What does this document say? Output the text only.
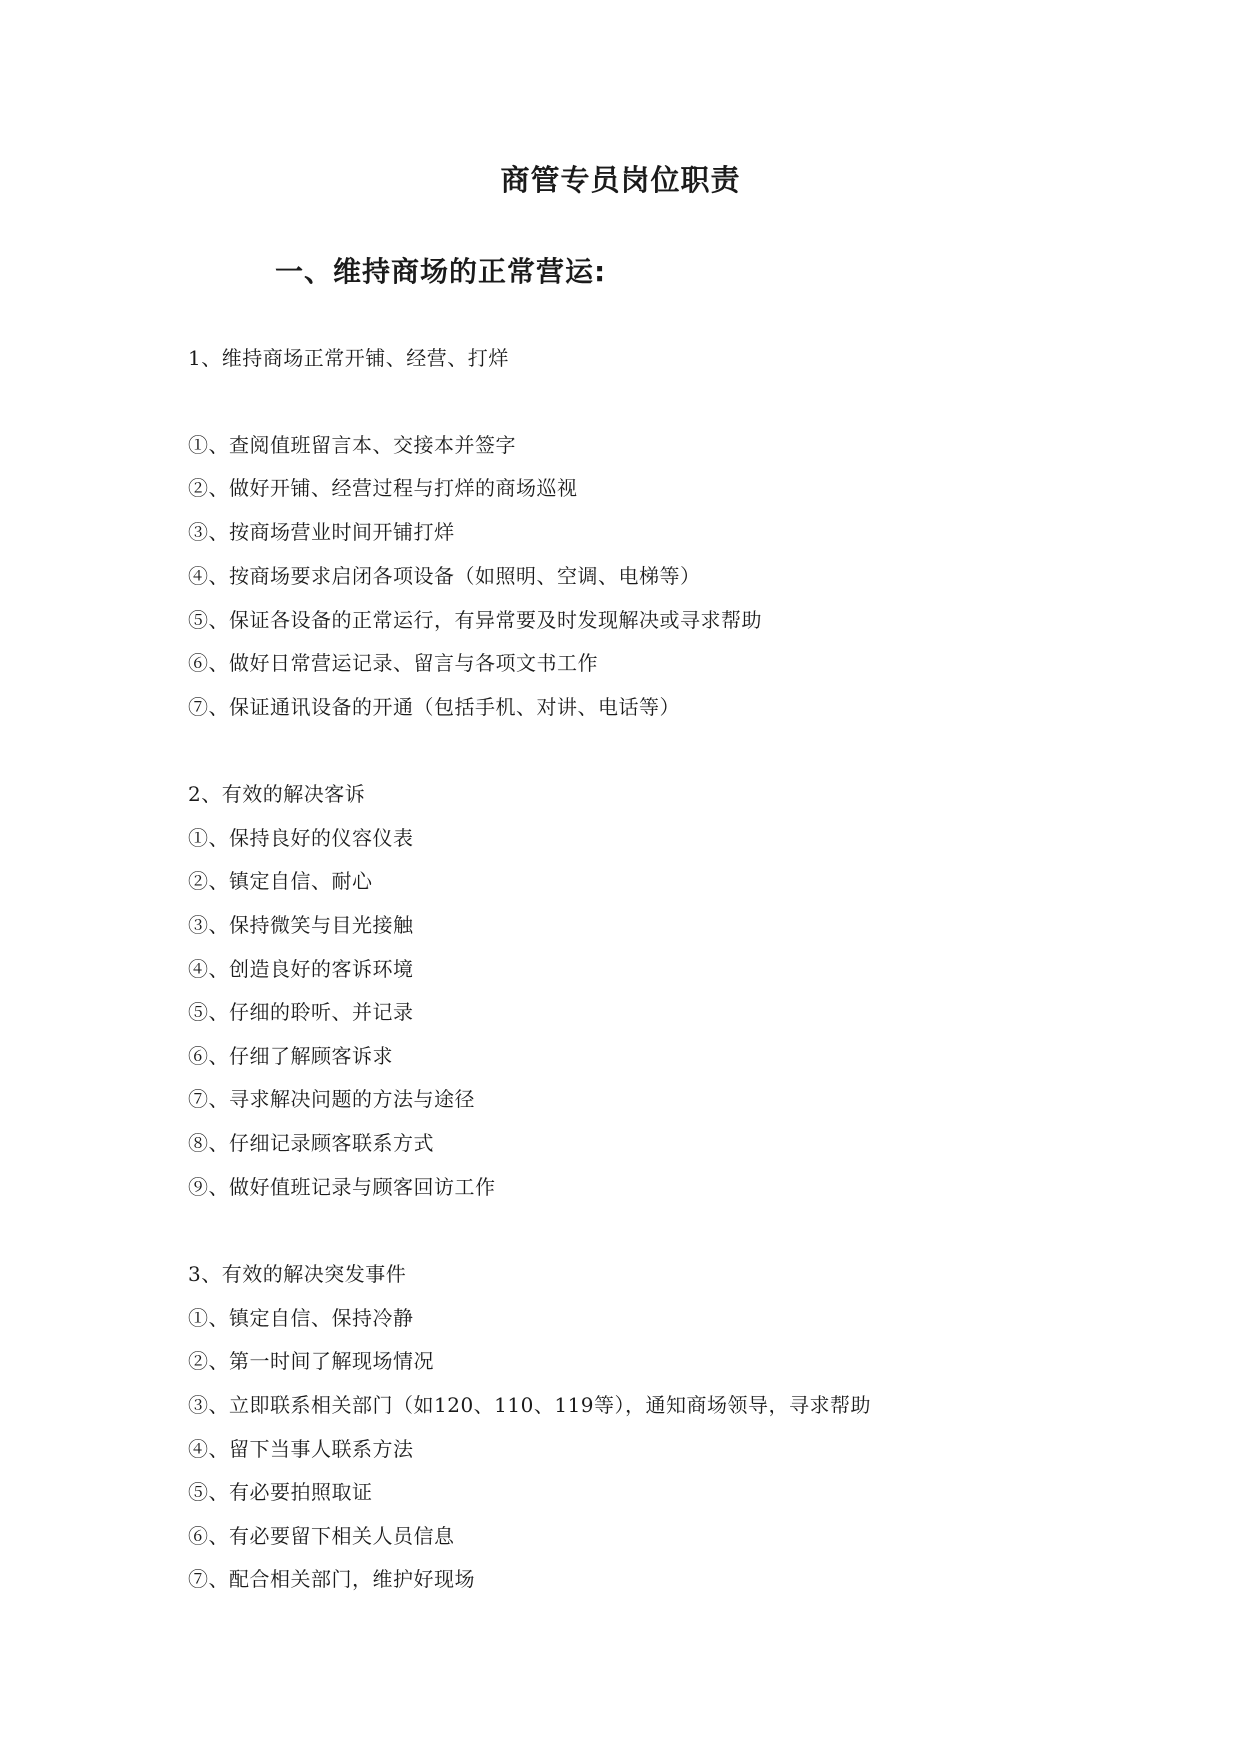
商管专员岗位职责
一、维持商场的正常营运:
1、维持商场正常开铺、经营、打烊
①、查阅值班留言本、交接本并签字
②、做好开铺、经营过程与打烊的商场巡视
③、按商场营业时间开铺打烊
④、按商场要求启闭各项设备（如照明、空调、电梯等）
⑤、保证各设备的正常运行，有异常要及时发现解决或寻求帮助
⑥、做好日常营运记录、留言与各项文书工作
⑦、保证通讯设备的开通（包括手机、对讲、电话等）
2、有效的解决客诉
①、保持良好的仪容仪表
②、镇定自信、耐心
③、保持微笑与目光接触
④、创造良好的客诉环境
⑤、仔细的聆听、并记录
⑥、仔细了解顾客诉求
⑦、寻求解决问题的方法与途径
⑧、仔细记录顾客联系方式
⑨、做好值班记录与顾客回访工作
3、有效的解决突发事件
①、镇定自信、保持冷静
②、第一时间了解现场情况
③、立即联系相关部门（如120、110、119等），通知商场领导，寻求帮助
④、留下当事人联系方法
⑤、有必要拍照取证
⑥、有必要留下相关人员信息
⑦、配合相关部门，维护好现场
